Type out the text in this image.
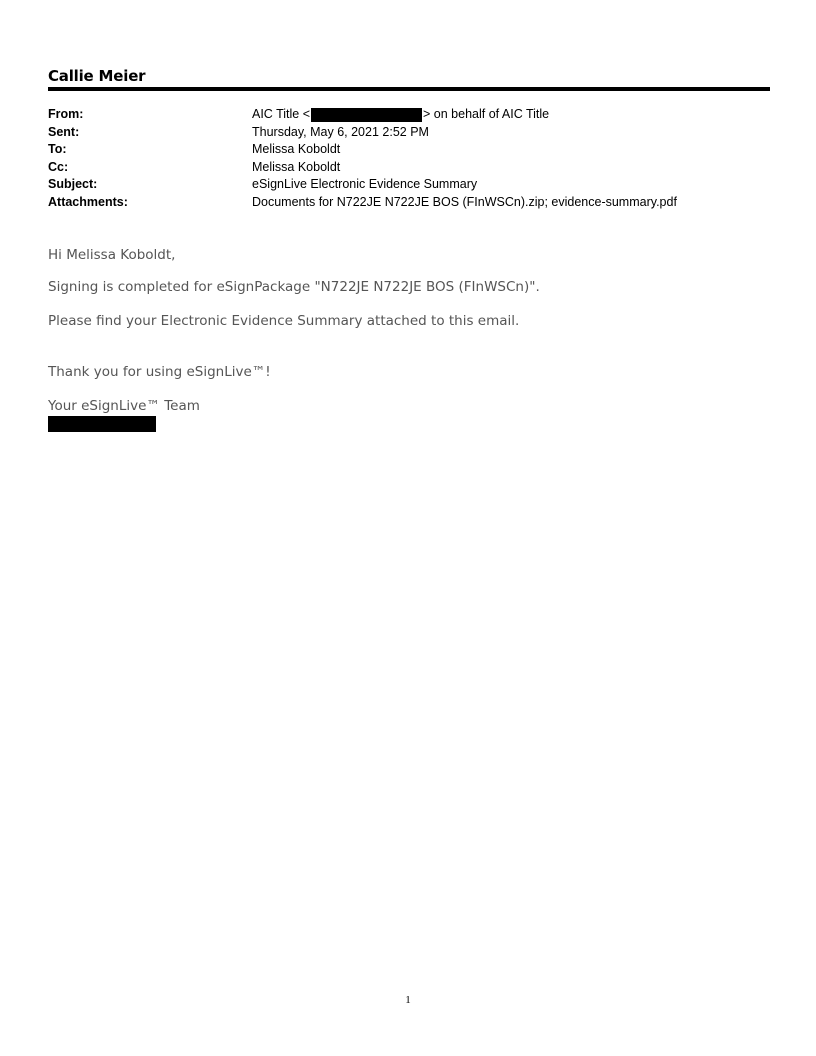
Callie Meier
From:	AIC Title <	> on behalf of AIC Title
Sent:	Thursday, May 6, 2021 2:52 PM
To:	Melissa Koboldt
Cc:	Melissa Koboldt
Subject:	eSignLive Electronic Evidence Summary
Attachments:	Documents for N722JE N722JE BOS (FInWSCn).zip; evidence-summary.pdf
Hi Melissa Koboldt,
Signing is completed for eSignPackage "N722JE N722JE BOS (FInWSCn)".
Please find your Electronic Evidence Summary attached to this email.
Thank you for using eSignLive™!
Your eSignLive™ Team
1
